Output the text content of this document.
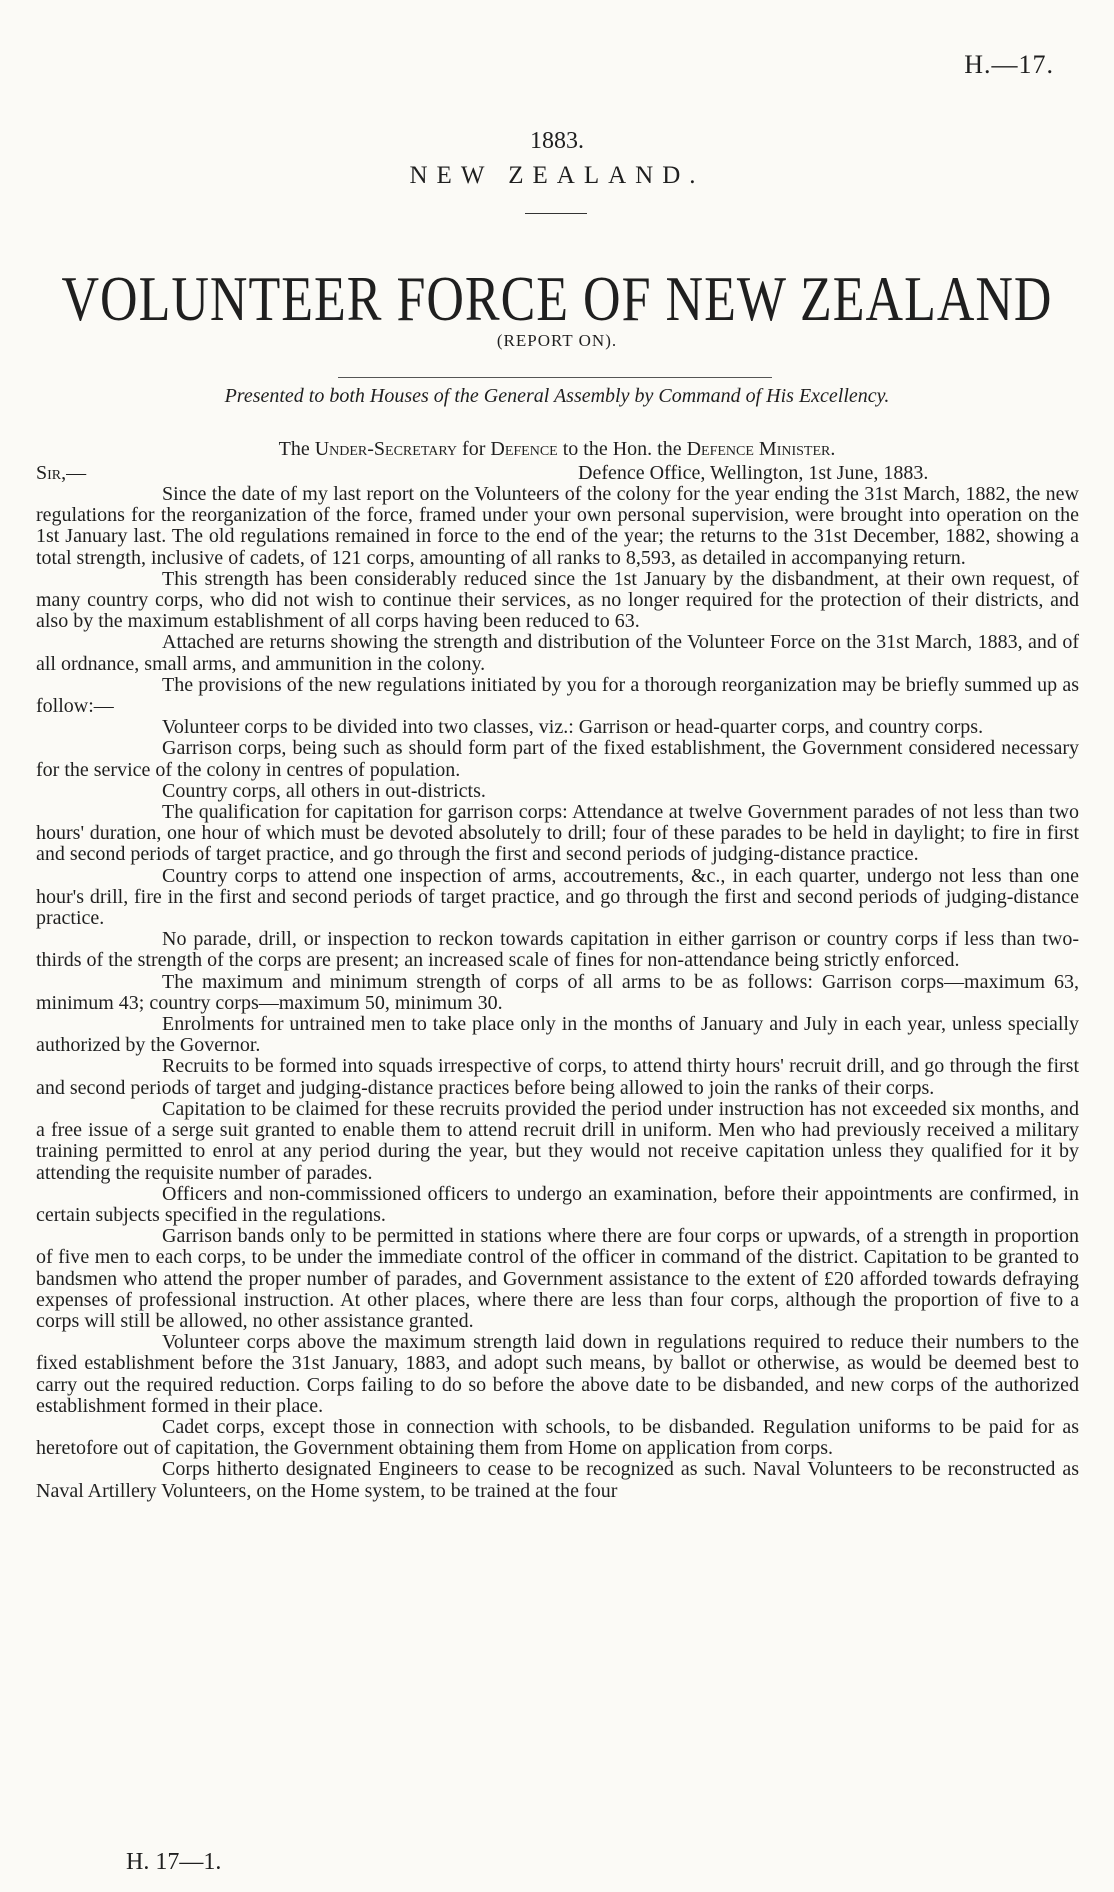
H.—17.
1883.
NEW ZEALAND.
VOLUNTEER FORCE OF NEW ZEALAND
(REPORT ON).
Presented to both Houses of the General Assembly by Command of His Excellency.
The Under-Secretary for Defence to the Hon. the Defence Minister.
Sir,—	Defence Office, Wellington, 1st June, 1883.

Since the date of my last report on the Volunteers of the colony for the year ending the 31st March, 1882, the new regulations for the reorganization of the force, framed under your own personal supervision, were brought into operation on the 1st January last. The old regulations remained in force to the end of the year; the returns to the 31st December, 1882, showing a total strength, inclusive of cadets, of 121 corps, amounting of all ranks to 8,593, as detailed in accompanying return.

This strength has been considerably reduced since the 1st January by the disbandment, at their own request, of many country corps, who did not wish to continue their services, as no longer required for the protection of their districts, and also by the maximum establishment of all corps having been reduced to 63.

Attached are returns showing the strength and distribution of the Volunteer Force on the 31st March, 1883, and of all ordnance, small arms, and ammunition in the colony.

The provisions of the new regulations initiated by you for a thorough reorganization may be briefly summed up as follow:—

Volunteer corps to be divided into two classes, viz.: Garrison or head-quarter corps, and country corps.

Garrison corps, being such as should form part of the fixed establishment, the Government considered necessary for the service of the colony in centres of population.

Country corps, all others in out-districts.

The qualification for capitation for garrison corps: Attendance at twelve Government parades of not less than two hours' duration, one hour of which must be devoted absolutely to drill; four of these parades to be held in daylight; to fire in first and second periods of target practice, and go through the first and second periods of judging-distance practice.

Country corps to attend one inspection of arms, accoutrements, &c., in each quarter, undergo not less than one hour's drill, fire in the first and second periods of target practice, and go through the first and second periods of judging-distance practice.

No parade, drill, or inspection to reckon towards capitation in either garrison or country corps if less than two-thirds of the strength of the corps are present; an increased scale of fines for non-attendance being strictly enforced.

The maximum and minimum strength of corps of all arms to be as follows: Garrison corps—maximum 63, minimum 43; country corps—maximum 50, minimum 30.

Enrolments for untrained men to take place only in the months of January and July in each year, unless specially authorized by the Governor.

Recruits to be formed into squads irrespective of corps, to attend thirty hours' recruit drill, and go through the first and second periods of target and judging-distance practices before being allowed to join the ranks of their corps.

Capitation to be claimed for these recruits provided the period under instruction has not exceeded six months, and a free issue of a serge suit granted to enable them to attend recruit drill in uniform. Men who had previously received a military training permitted to enrol at any period during the year, but they would not receive capitation unless they qualified for it by attending the requisite number of parades.

Officers and non-commissioned officers to undergo an examination, before their appointments are confirmed, in certain subjects specified in the regulations.

Garrison bands only to be permitted in stations where there are four corps or upwards, of a strength in proportion of five men to each corps, to be under the immediate control of the officer in command of the district. Capitation to be granted to bandsmen who attend the proper number of parades, and Government assistance to the extent of £20 afforded towards defraying expenses of professional instruction. At other places, where there are less than four corps, although the proportion of five to a corps will still be allowed, no other assistance granted.

Volunteer corps above the maximum strength laid down in regulations required to reduce their numbers to the fixed establishment before the 31st January, 1883, and adopt such means, by ballot or otherwise, as would be deemed best to carry out the required reduction. Corps failing to do so before the above date to be disbanded, and new corps of the authorized establishment formed in their place.

Cadet corps, except those in connection with schools, to be disbanded. Regulation uniforms to be paid for as heretofore out of capitation, the Government obtaining them from Home on application from corps.

Corps hitherto designated Engineers to cease to be recognized as such. Naval Volunteers to be reconstructed as Naval Artillery Volunteers, on the Home system, to be trained at the four

H. 17—1.
